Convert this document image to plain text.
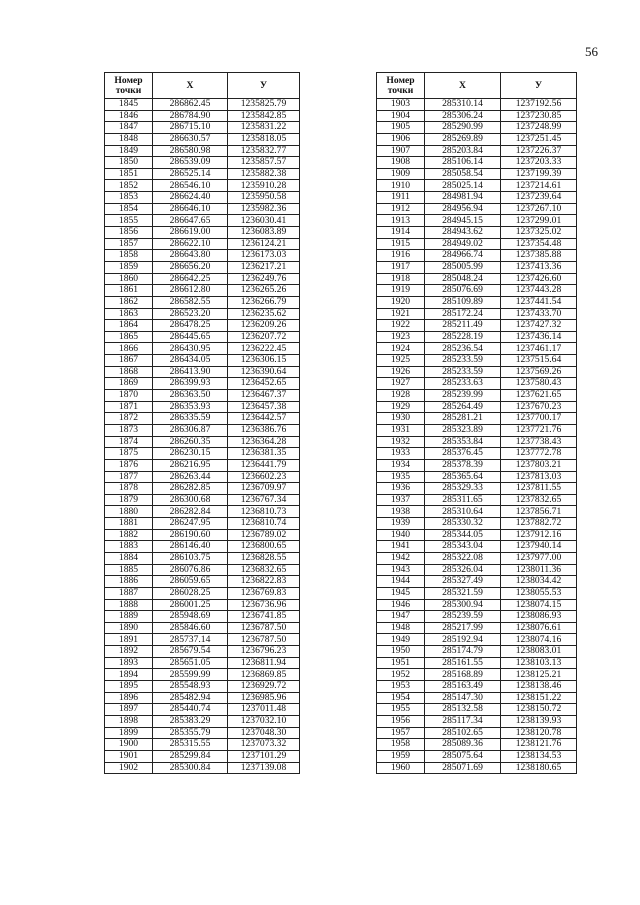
56
Номер точки	X	У
1845	286862.45	1235825.79
1846	286784.90	1235842.85
1847	286715.10	1235831.22
1848	286630.57	1235818.05
1849	286580.98	1235832.77
1850	286539.09	1235857.57
1851	286525.14	1235882.38
1852	286546.10	1235910.28
1853	286624.40	1235950.58
1854	286646.10	1235982.36
1855	286647.65	1236030.41
1856	286619.00	1236083.89
1857	286622.10	1236124.21
1858	286643.80	1236173.03
1859	286656.20	1236217.21
1860	286642.25	1236249.76
1861	286612.80	1236265.26
1862	286582.55	1236266.79
1863	286523.20	1236235.62
1864	286478.25	1236209.26
1865	286445.65	1236207.72
1866	286430.95	1236222.45
1867	286434.05	1236306.15
1868	286413.90	1236390.64
1869	286399.93	1236452.65
1870	286363.50	1236467.37
1871	286353.93	1236457.38
1872	286335.59	1236442.57
1873	286306.87	1236386.76
1874	286260.35	1236364.28
1875	286230.15	1236381.35
1876	286216.95	1236441.79
1877	286263.44	1236602.23
1878	286282.85	1236709.97
1879	286300.68	1236767.34
1880	286282.84	1236810.73
1881	286247.95	1236810.74
1882	286190.60	1236789.02
1883	286146.40	1236800.65
1884	286103.75	1236828.55
1885	286076.86	1236832.65
1886	286059.65	1236822.83
1887	286028.25	1236769.83
1888	286001.25	1236736.96
1889	285948.69	1236741.85
1890	285846.60	1236787.50
1891	285737.14	1236787.50
1892	285679.54	1236796.23
1893	285651.05	1236811.94
1894	285599.99	1236869.85
1895	285548.93	1236929.72
1896	285482.94	1236985.96
1897	285440.74	1237011.48
1898	285383.29	1237032.10
1899	285355.79	1237048.30
1900	285315.55	1237073.32
1901	285299.84	1237101.29
1902	285300.84	1237139.08
Номер точки	X	У
1903	285310.14	1237192.56
1904	285306.24	1237230.85
1905	285290.99	1237248.99
1906	285269.89	1237251.45
1907	285203.84	1237226.37
1908	285106.14	1237203.33
1909	285058.54	1237199.39
1910	285025.14	1237214.61
1911	284981.94	1237239.64
1912	284956.94	1237267.10
1913	284945.15	1237299.01
1914	284943.62	1237325.02
1915	284949.02	1237354.48
1916	284966.74	1237385.88
1917	285005.99	1237413.36
1918	285048.24	1237426.60
1919	285076.69	1237443.28
1920	285109.89	1237441.54
1921	285172.24	1237433.70
1922	285211.49	1237427.32
1923	285228.19	1237436.14
1924	285236.54	1237461.17
1925	285233.59	1237515.64
1926	285233.59	1237569.26
1927	285233.63	1237580.43
1928	285239.99	1237621.65
1929	285264.49	1237670.23
1930	285281.21	1237700.17
1931	285323.89	1237721.76
1932	285353.84	1237738.43
1933	285376.45	1237772.78
1934	285378.39	1237803.21
1935	285365.64	1237813.03
1936	285329.33	1237811.55
1937	285311.65	1237832.65
1938	285310.64	1237856.71
1939	285330.32	1237882.72
1940	285344.05	1237912.16
1941	285343.04	1237940.14
1942	285322.08	1237977.00
1943	285326.04	1238011.36
1944	285327.49	1238034.42
1945	285321.59	1238055.53
1946	285300.94	1238074.15
1947	285239.59	1238086.93
1948	285217.99	1238076.61
1949	285192.94	1238074.16
1950	285174.79	1238083.01
1951	285161.55	1238103.13
1952	285168.89	1238125.21
1953	285163.49	1238138.46
1954	285147.30	1238151.22
1955	285132.58	1238150.72
1956	285117.34	1238139.93
1957	285102.65	1238120.78
1958	285089.36	1238121.76
1959	285075.64	1238134.53
1960	285071.69	1238180.65
